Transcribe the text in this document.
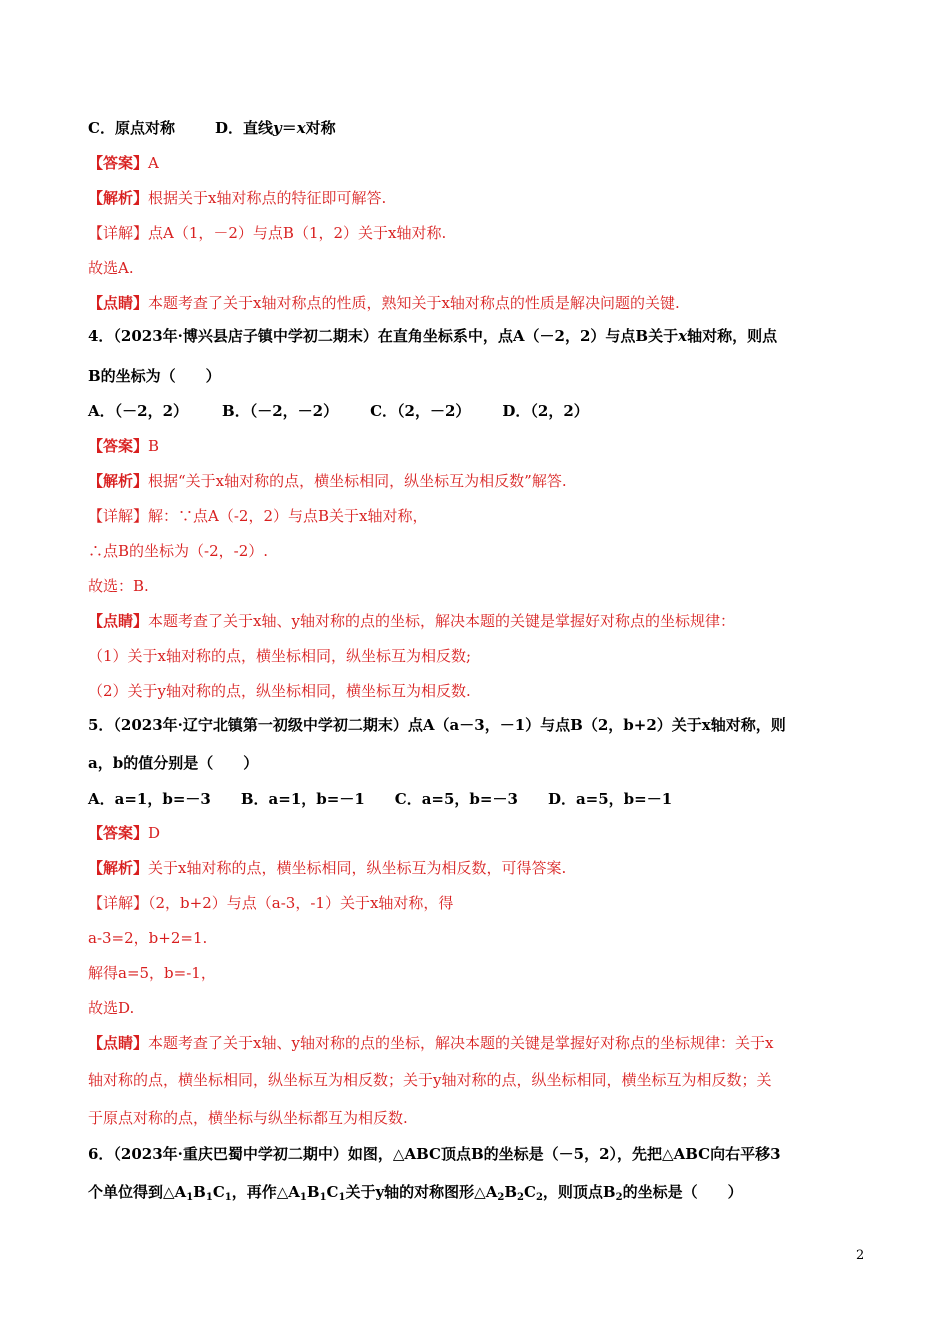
C．原点对称	D．直线y＝x对称
【答案】A
【解析】根据关于x轴对称点的特征即可解答.
【详解】点A（1，－2）与点B（1，2）关于x轴对称.
故选A.
【点睛】本题考查了关于x轴对称点的性质，熟知关于x轴对称点的性质是解决问题的关键.
4．（2023年·博兴县店子镇中学初二期末）在直角坐标系中，点A（－2，2）与点B关于x轴对称，则点
B的坐标为（　　）
A．（－2，2） B．（－2，－2） C．（2，－2） D．（2，2）
【答案】B
【解析】根据“关于x轴对称的点，横坐标相同，纵坐标互为相反数”解答.
【详解】解：∵点A（-2，2）与点B关于x轴对称，
∴点B的坐标为（-2，-2）.
故选：B.
【点睛】本题考查了关于x轴、y轴对称的点的坐标，解决本题的关键是掌握好对称点的坐标规律：
（1）关于x轴对称的点，横坐标相同，纵坐标互为相反数;
（2）关于y轴对称的点，纵坐标相同，横坐标互为相反数.
5．（2023年·辽宁北镇第一初级中学初二期末）点A（a－3，－1）与点B（2，b+2）关于x轴对称，则
a，b的值分别是（　　）
A．a=1，b=－3 B．a=1，b=－1 C．a=5，b=－3 D．a=5，b=－1
【答案】D
【解析】关于x轴对称的点，横坐标相同，纵坐标互为相反数，可得答案.
【详解】（2，b+2）与点（a-3，-1）关于x轴对称，得
a-3=2，b+2=1.
解得a=5，b=-1，
故选D.
【点睛】本题考查了关于x轴、y轴对称的点的坐标，解决本题的关键是掌握好对称点的坐标规律：关于x
轴对称的点，横坐标相同，纵坐标互为相反数；关于y轴对称的点，纵坐标相同，横坐标互为相反数；关
于原点对称的点，横坐标与纵坐标都互为相反数.
6．（2023年·重庆巴蜀中学初二期中）如图，△ABC顶点B的坐标是（－5，2），先把△ABC向右平移3
个单位得到$\triangle A_1B_1C_1$，再作$\triangle A_1B_1C_1$关于y轴的对称图形$\triangle A_2B_2C_2$，则顶点$B_2$的坐标是（　　）
2
